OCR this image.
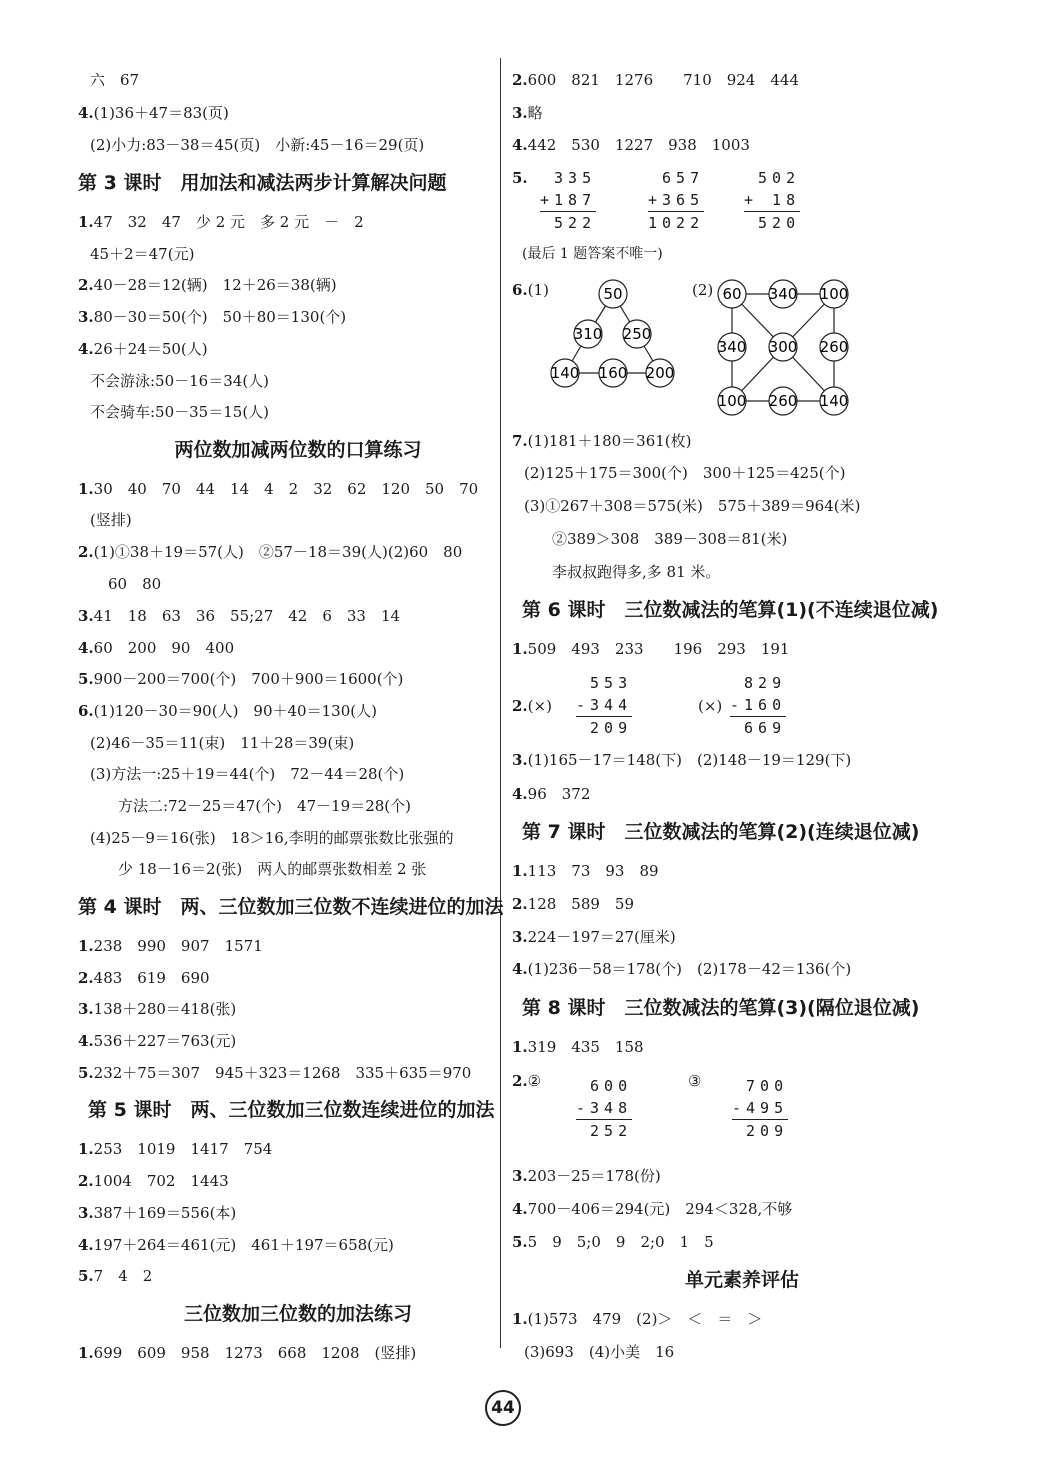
六　67
4.(1)36＋47＝83(页)
(2)小力:83－38＝45(页)　小新:45－16＝29(页)
第 3 课时　用加法和减法两步计算解决问题
1.47　32　47　少 2 元　多 2 元　－　2
45＋2＝47(元)
2.40－28＝12(辆)　12＋26＝38(辆)
3.80－30＝50(个)　50＋80＝130(个)
4.26＋24＝50(人)
不会游泳:50－16＝34(人)
不会骑车:50－35＝15(人)
两位数加减两位数的口算练习
1.30　40　70　44　14　4　2　32　62　120　50　70
(竖排)
2.(1)①38＋19＝57(人)　②57－18＝39(人)(2)60　80
60　80
3.41　18　63　36　55;27　42　6　33　14
4.60　200　90　400
5.900－200＝700(个)　700＋900＝1600(个)
6.(1)120－30＝90(人)　90＋40＝130(人)
(2)46－35＝11(束)　11＋28＝39(束)
(3)方法一:25＋19＝44(个)　72－44＝28(个)
方法二:72－25＝47(个)　47－19＝28(个)
(4)25－9＝16(张)　18＞16,李明的邮票张数比张强的
少 18－16＝2(张)　两人的邮票张数相差 2 张
第 4 课时　两、三位数加三位数不连续进位的加法
1.238　990　907　1571
2.483　619　690
3.138＋280＝418(张)
4.536＋227＝763(元)
5.232＋75＝307　945＋323＝1268　335＋635＝970
第 5 课时　两、三位数加三位数连续进位的加法
1.253　1019　1417　754
2.1004　702　1443
3.387＋169＝556(本)
4.197＋264＝461(元)　461＋197＝658(元)
5.7　4　2
三位数加三位数的加法练习
1.699　609　958　1273　668　1208　(竖排)
2.600　821　1276　　710　924　444
3.略
4.442　530　1227　938　1003
5. 335
+187
522
657
+365
1022
502
+ 18
520
(最后 1 题答案不唯一)
6.(1)	(2)
50
310 250
140 160 200
60 340 100
340 300 260
100 260 140
7.(1)181＋180＝361(枚)
(2)125＋175＝300(个)　300＋125＝425(个)
(3)①267＋308＝575(米)　575＋389＝964(米)
②389＞308　389－308＝81(米)
李叔叔跑得多,多 81 米。
第 6 课时　三位数减法的笔算(1)(不连续退位减)
1.509　493　233　　196　293　191
2.(×)
553
-344
209
(×)
829
-160
669
3.(1)165－17＝148(下)　(2)148－19＝129(下)
4.96　372
第 7 课时　三位数减法的笔算(2)(连续退位减)
1.113　73　93　89
2.128　589　59
3.224－197＝27(厘米)
4.(1)236－58＝178(个)　(2)178－42＝136(个)
第 8 课时　三位数减法的笔算(3)(隔位退位减)
1.319　435　158
2.② 600
-348
252
③ 700
-495
209
3.203－25＝178(份)
4.700－406＝294(元)　294＜328,不够
5.5　9　5;0　9　2;0　1　5
单元素养评估
1.(1)573　479　(2)＞　＜　＝　＞
(3)693　(4)小美　16
44
